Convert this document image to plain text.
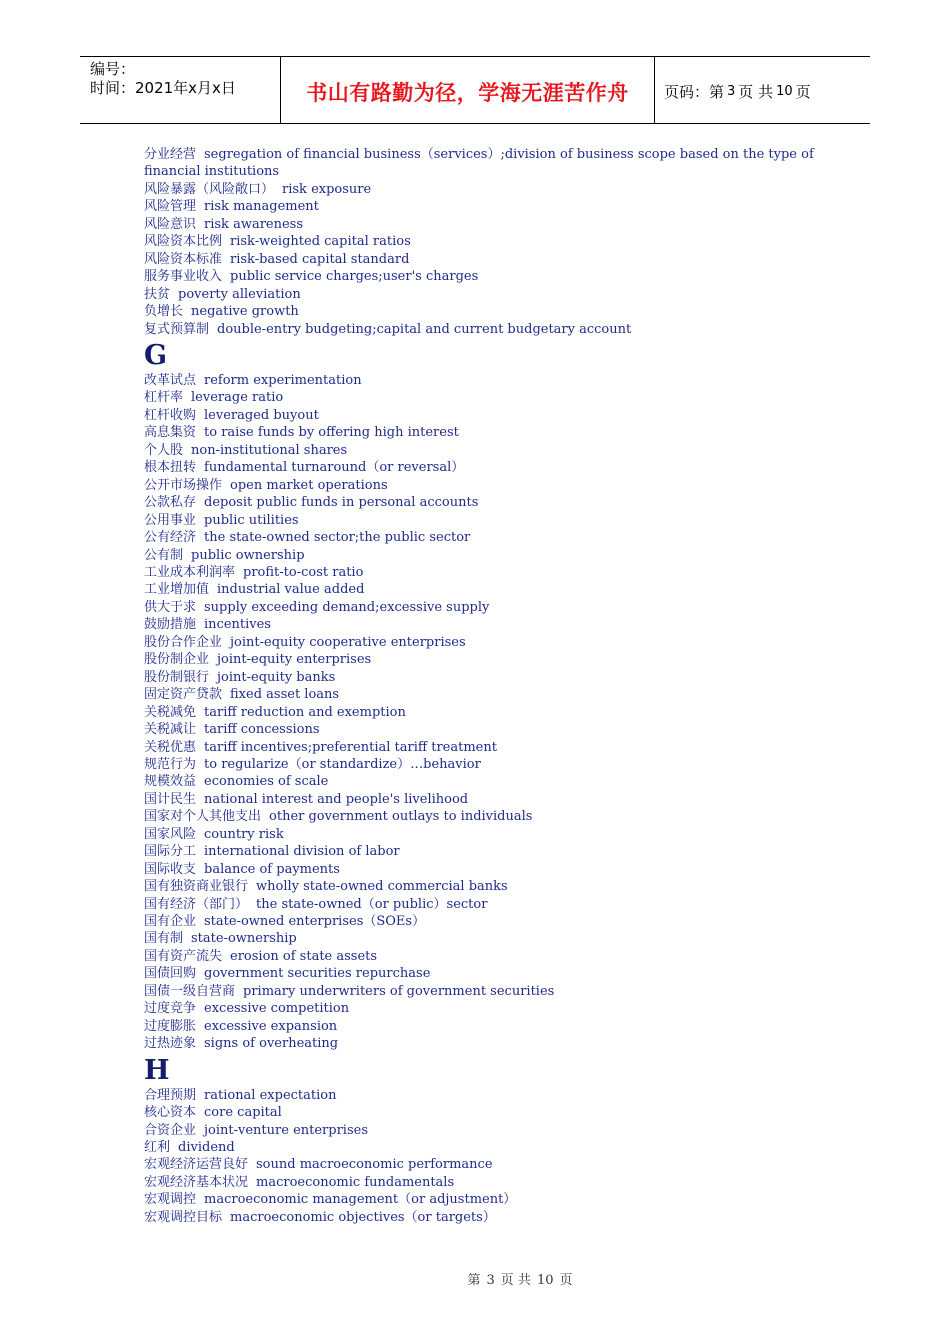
编号：
时间：2021年x月x日	书山有路勤为径，学海无涯苦作舟	页码：第 3 页 共 10 页
分业经营 segregation of financial business（services）;division of business scope based on the type of financial institutions
风险暴露（风险敞口） risk exposure
风险管理 risk management
风险意识 risk awareness
风险资本比例 risk-weighted capital ratios
风险资本标准 risk-based capital standard
服务事业收入 public service charges;user's charges
扶贫 poverty alleviation
负增长 negative growth
复式预算制 double-entry budgeting;capital and current budgetary account
G
改革试点 reform experimentation
杠杆率 leverage ratio
杠杆收购 leveraged buyout
高息集资 to raise funds by offering high interest
个人股 non-institutional shares
根本扭转 fundamental turnaround（or reversal）
公开市场操作 open market operations
公款私存 deposit public funds in personal accounts
公用事业 public utilities
公有经济 the state-owned sector;the public sector
公有制 public ownership
工业成本利润率 profit-to-cost ratio
工业增加值 industrial value added
供大于求 supply exceeding demand;excessive supply
鼓励措施 incentives
股份合作企业 joint-equity cooperative enterprises
股份制企业 joint-equity enterprises
股份制银行 joint-equity banks
固定资产贷款 fixed asset loans
关税减免 tariff reduction and exemption
关税减让 tariff concessions
关税优惠 tariff incentives;preferential tariff treatment
规范行为 to regularize（or standardize）…behavior
规模效益 economies of scale
国计民生 national interest and people's livelihood
国家对个人其他支出 other government outlays to individuals
国家风险 country risk
国际分工 international division of labor
国际收支 balance of payments
国有独资商业银行 wholly state-owned commercial banks
国有经济（部门） the state-owned（or public）sector
国有企业 state-owned enterprises（SOEs）
国有制 state-ownership
国有资产流失 erosion of state assets
国债回购 government securities repurchase
国债一级自营商 primary underwriters of government securities
过度竞争 excessive competition
过度膨胀 excessive expansion
过热迹象 signs of overheating
H
合理预期 rational expectation
核心资本 core capital
合资企业 joint-venture enterprises
红利 dividend
宏观经济运营良好 sound macroeconomic performance
宏观经济基本状况 macroeconomic fundamentals
宏观调控 macroeconomic management（or adjustment）
宏观调控目标 macroeconomic objectives（or targets）
第 3 页 共 10 页
